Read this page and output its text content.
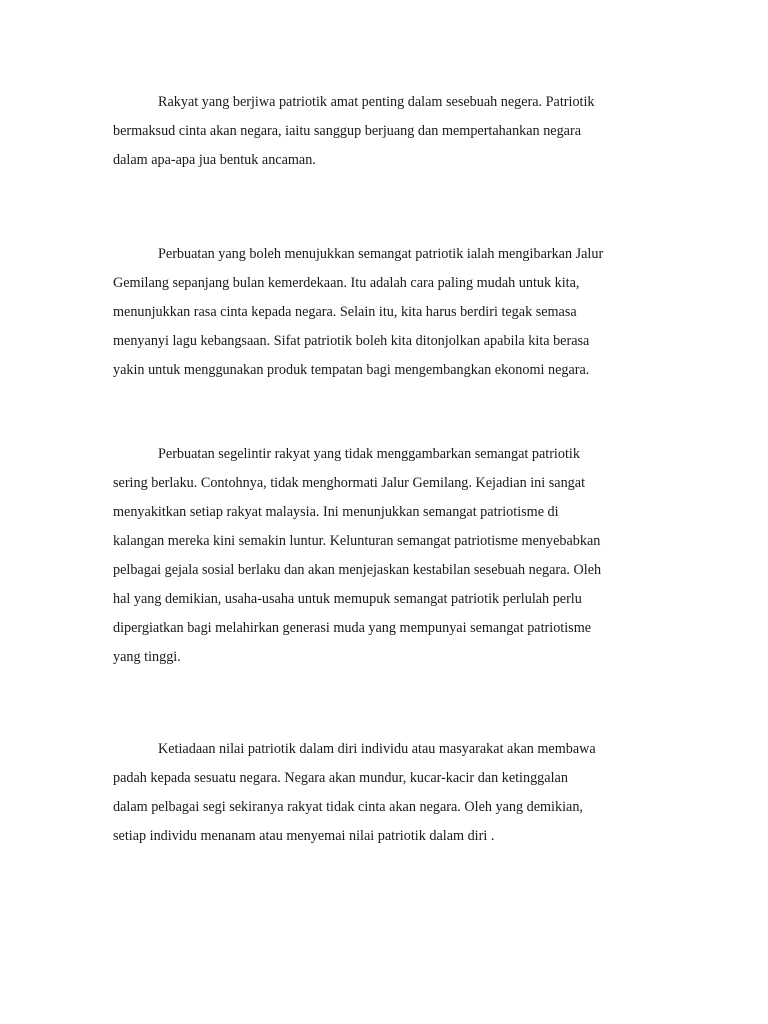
Rakyat yang berjiwa patriotik amat penting dalam sesebuah negera. Patriotik
bermaksud cinta akan negara, iaitu sanggup berjuang dan mempertahankan negara
dalam apa-apa jua bentuk ancaman.
Perbuatan yang boleh menujukkan semangat patriotik ialah mengibarkan Jalur
Gemilang sepanjang bulan kemerdekaan. Itu adalah cara paling mudah untuk kita,
menunjukkan rasa cinta kepada negara. Selain itu, kita harus berdiri tegak semasa
menyanyi lagu kebangsaan. Sifat patriotik boleh kita ditonjolkan apabila kita berasa
yakin untuk menggunakan produk tempatan bagi mengembangkan ekonomi negara.
Perbuatan segelintir rakyat yang tidak menggambarkan semangat patriotik
sering berlaku. Contohnya, tidak menghormati Jalur Gemilang. Kejadian ini sangat
menyakitkan setiap rakyat malaysia. Ini menunjukkan semangat patriotisme di
kalangan mereka kini semakin luntur. Kelunturan semangat patriotisme menyebabkan
pelbagai gejala sosial berlaku dan akan menjejaskan kestabilan sesebuah negara. Oleh
hal yang demikian, usaha-usaha untuk memupuk semangat patriotik perlulah perlu
dipergiatkan bagi melahirkan generasi muda yang mempunyai semangat patriotisme
yang tinggi.
Ketiadaan nilai patriotik dalam diri individu atau masyarakat akan membawa
padah kepada sesuatu negara. Negara akan mundur, kucar-kacir dan ketinggalan
dalam pelbagai segi sekiranya rakyat tidak cinta akan negara. Oleh yang demikian,
setiap individu menanam atau menyemai nilai patriotik dalam diri .
